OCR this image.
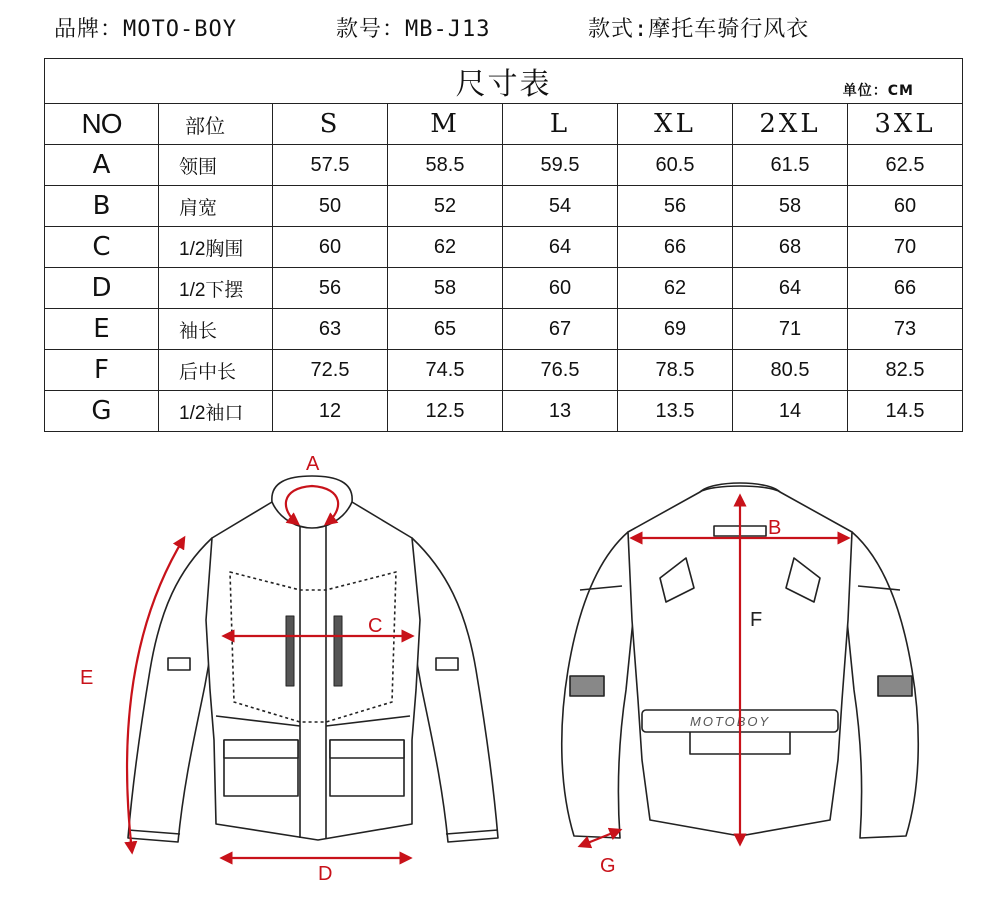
品牌：MOTO-BOY	款号：MB-J13	款式:摩托车骑行风衣
尺寸表 单位：CM							

NO	部位	S	M	L	XL	2XL	3XL
A	领围	57.5	58.5	59.5	60.5	61.5	62.5
B	肩宽	50	52	54	56	58	60
C	1/2胸围	60	62	64	66	68	70
D	1/2下摆	56	58	60	62	64	66
E	袖长	63	65	67	69	71	73
F	后中长	72.5	74.5	76.5	78.5	80.5	82.5
G	1/2袖口	12	12.5	13	13.5	14	14.5
A
C
D
E
MOTOBOY
B
F
G
